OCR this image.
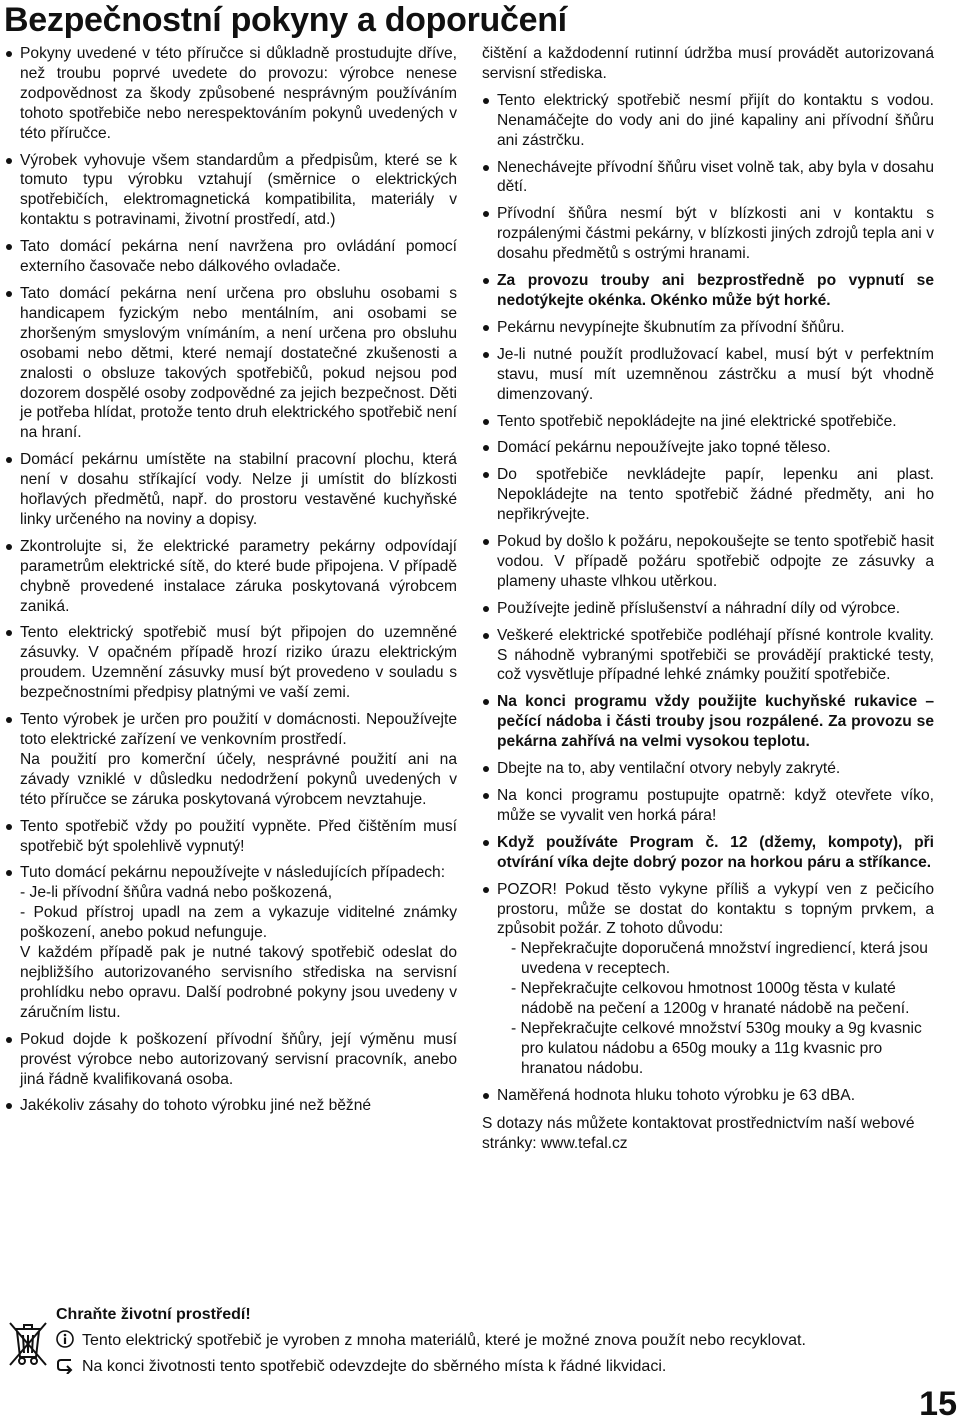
Bezpečnostní pokyny a doporučení
Pokyny uvedené v této příručce si důkladně prostudujte dříve, než troubu poprvé uvedete do provozu: výrobce nenese zodpovědnost za škody způsobené nesprávným používáním tohoto spotřebiče nebo nerespektováním pokynů uvedených v této příručce.
Výrobek vyhovuje všem standardům a předpisům, které se k tomuto typu výrobku vztahují (směrnice o elektrických spotřebičích, elektromagnetická kompatibilita, materiály v kontaktu s potravinami, životní prostředí, atd.)
Tato domácí pekárna není navržena pro ovládání pomocí externího časovače nebo dálkového ovladače.
Tato domácí pekárna není určena pro obsluhu osobami s handicapem fyzickým nebo mentálním, ani osobami se zhoršeným smyslovým vnímáním, a není určena pro obsluhu osobami nebo dětmi, které nemají dostatečné zkušenosti a znalosti o obsluze takových spotřebičů, pokud nejsou pod dozorem dospělé osoby zodpovědné za jejich bezpečnost. Děti je potřeba hlídat, protože tento druh elektrického spotřebič není na hraní.
Domácí pekárnu umístěte na stabilní pracovní plochu, která není v dosahu stříkající vody. Nelze ji umístit do blízkosti hořlavých předmětů, např. do prostoru vestavěné kuchyňské linky určeného na noviny a dopisy.
Zkontrolujte si, že elektrické parametry pekárny odpovídají parametrům elektrické sítě, do které bude připojena. V případě chybně provedené instalace záruka poskytovaná výrobcem zaniká.
Tento elektrický spotřebič musí být připojen do uzemněné zásuvky. V opačném případě hrozí riziko úrazu elektrickým proudem. Uzemnění zásuvky musí být provedeno v souladu s bezpečnostními předpisy platnými ve vaší zemi.
Tento výrobek je určen pro použití v domácnosti. Nepoužívejte toto elektrické zařízení ve venkovním prostředí.
Na použití pro komerční účely, nesprávné použití ani na závady vzniklé v důsledku nedodržení pokynů uvedených v této příručce se záruka poskytovaná výrobcem nevztahuje.
Tento spotřebič vždy po použití vypněte. Před čištěním musí spotřebič být spolehlivě vypnutý!
Tuto domácí pekárnu nepoužívejte v následujících případech:
- Je-li přívodní šňůra vadná nebo poškozená,
- Pokud přístroj upadl na zem a vykazuje viditelné známky poškození, anebo pokud nefunguje.
V každém případě pak je nutné takový spotřebič odeslat do nejbližšího autorizovaného servisního střediska na servisní prohlídku nebo opravu. Další podrobné pokyny jsou uvedeny v záručním listu.
Pokud dojde k poškození přívodní šňůry, její výměnu musí provést výrobce nebo autorizovaný servisní pracovník, anebo jiná řádně kvalifikovaná osoba.
Jakékoliv zásahy do tohoto výrobku jiné než běžné
čištění a každodenní rutinní údržba musí provádět autorizovaná servisní střediska.
Tento elektrický spotřebič nesmí přijít do kontaktu s vodou. Nenamáčejte do vody ani do jiné kapaliny ani přívodní šňůru ani zástrčku.
Nenechávejte přívodní šňůru viset volně tak, aby byla v dosahu dětí.
Přívodní šňůra nesmí být v blízkosti ani v kontaktu s rozpálenými částmi pekárny, v blízkosti jiných zdrojů tepla ani v dosahu předmětů s ostrými hranami.
Za provozu trouby ani bezprostředně po vypnutí se nedotýkejte okénka. Okénko může být horké.
Pekárnu nevypínejte škubnutím za přívodní šňůru.
Je-li nutné použít prodlužovací kabel, musí být v perfektním stavu, musí mít uzemněnou zástrčku a musí být vhodně dimenzovaný.
Tento spotřebič nepokládejte na jiné elektrické spotřebiče.
Domácí pekárnu nepoužívejte jako topné těleso.
Do spotřebiče nevkládejte papír, lepenku ani plast. Nepokládejte na tento spotřebič žádné předměty, ani ho nepřikrývejte.
Pokud by došlo k požáru, nepokoušejte se tento spotřebič hasit vodou. V případě požáru spotřebič odpojte ze zásuvky a plameny uhaste vlhkou utěrkou.
Používejte jedině příslušenství a náhradní díly od výrobce.
Veškeré elektrické spotřebiče podléhají přísné kontrole kvality. S náhodně vybranými spotřebiči se provádějí praktické testy, což vysvětluje případné lehké známky použití spotřebiče.
Na konci programu vždy použijte kuchyňské rukavice – pečící nádoba i části trouby jsou rozpálené. Za provozu se pekárna zahřívá na velmi vysokou teplotu.
Dbejte na to, aby ventilační otvory nebyly zakryté.
Na konci programu postupujte opatrně: když otevřete víko, může se vyvalit ven horká pára!
Když používáte Program č. 12 (džemy, kompoty), při otvírání víka dejte dobrý pozor na horkou páru a stříkance.
POZOR! Pokud těsto vykyne příliš a vykypí ven z pečicího prostoru, může se dostat do kontaktu s topným prvkem, a způsobit požár. Z tohoto důvodu:
- Nepřekračujte doporučená množství ingrediencí, která jsou uvedena v receptech.
- Nepřekračujte celkovou hmotnost 1000g těsta v kulaté nádobě na pečení a 1200g v hranaté nádobě na pečení.
- Nepřekračujte celkové množství 530g mouky a 9g kvasnic pro kulatou nádobu a 650g mouky a 11g kvasnic pro hranatou nádobu.
Naměřená hodnota hluku tohoto výrobku je 63 dBA.
S dotazy nás můžete kontaktovat prostřednictvím naší webové stránky: www.tefal.cz
Chraňte životní prostředí!
Tento elektrický spotřebič je vyroben z mnoha materiálů, které je možné znova použít nebo recyklovat.
Na konci životnosti tento spotřebič odevzdejte do sběrného místa k řádné likvidaci.
15
